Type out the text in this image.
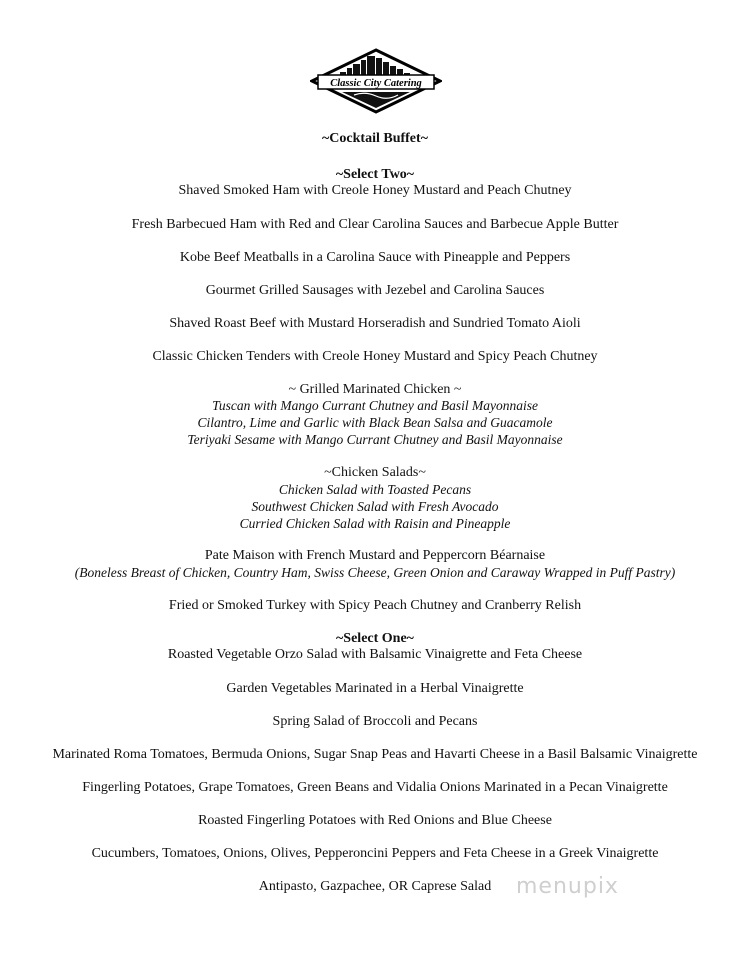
Classic City Catering
~Cocktail Buffet~
~Select Two~
Shaved Smoked Ham with Creole Honey Mustard and Peach Chutney
Fresh Barbecued Ham with Red and Clear Carolina Sauces and Barbecue Apple Butter
Kobe Beef Meatballs in a Carolina Sauce with Pineapple and Peppers
Gourmet Grilled Sausages with Jezebel and Carolina Sauces
Shaved Roast Beef with Mustard Horseradish and Sundried Tomato Aioli
Classic Chicken Tenders with Creole Honey Mustard and Spicy Peach Chutney
~ Grilled Marinated Chicken ~
Tuscan with Mango Currant Chutney and Basil Mayonnaise
Cilantro, Lime and Garlic with Black Bean Salsa and Guacamole
Teriyaki Sesame with Mango Currant Chutney and Basil Mayonnaise
~Chicken Salads~
Chicken Salad with Toasted Pecans
Southwest Chicken Salad with Fresh Avocado
Curried Chicken Salad with Raisin and Pineapple
Pate Maison with French Mustard and Peppercorn Béarnaise
(Boneless Breast of Chicken, Country Ham, Swiss Cheese, Green Onion and Caraway Wrapped in Puff Pastry)
Fried or Smoked Turkey with Spicy Peach Chutney and Cranberry Relish
~Select One~
Roasted Vegetable Orzo Salad with Balsamic Vinaigrette and Feta Cheese
Garden Vegetables Marinated in a Herbal Vinaigrette
Spring Salad of Broccoli and Pecans
Marinated Roma Tomatoes, Bermuda Onions, Sugar Snap Peas and Havarti Cheese in a Basil Balsamic Vinaigrette
Fingerling Potatoes, Grape Tomatoes, Green Beans and Vidalia Onions Marinated in a Pecan Vinaigrette
Roasted Fingerling Potatoes with Red Onions and Blue Cheese
Cucumbers, Tomatoes, Onions, Olives, Pepperoncini Peppers and Feta Cheese in a Greek Vinaigrette
Antipasto, Gazpachee, OR Caprese Salad	menupix
